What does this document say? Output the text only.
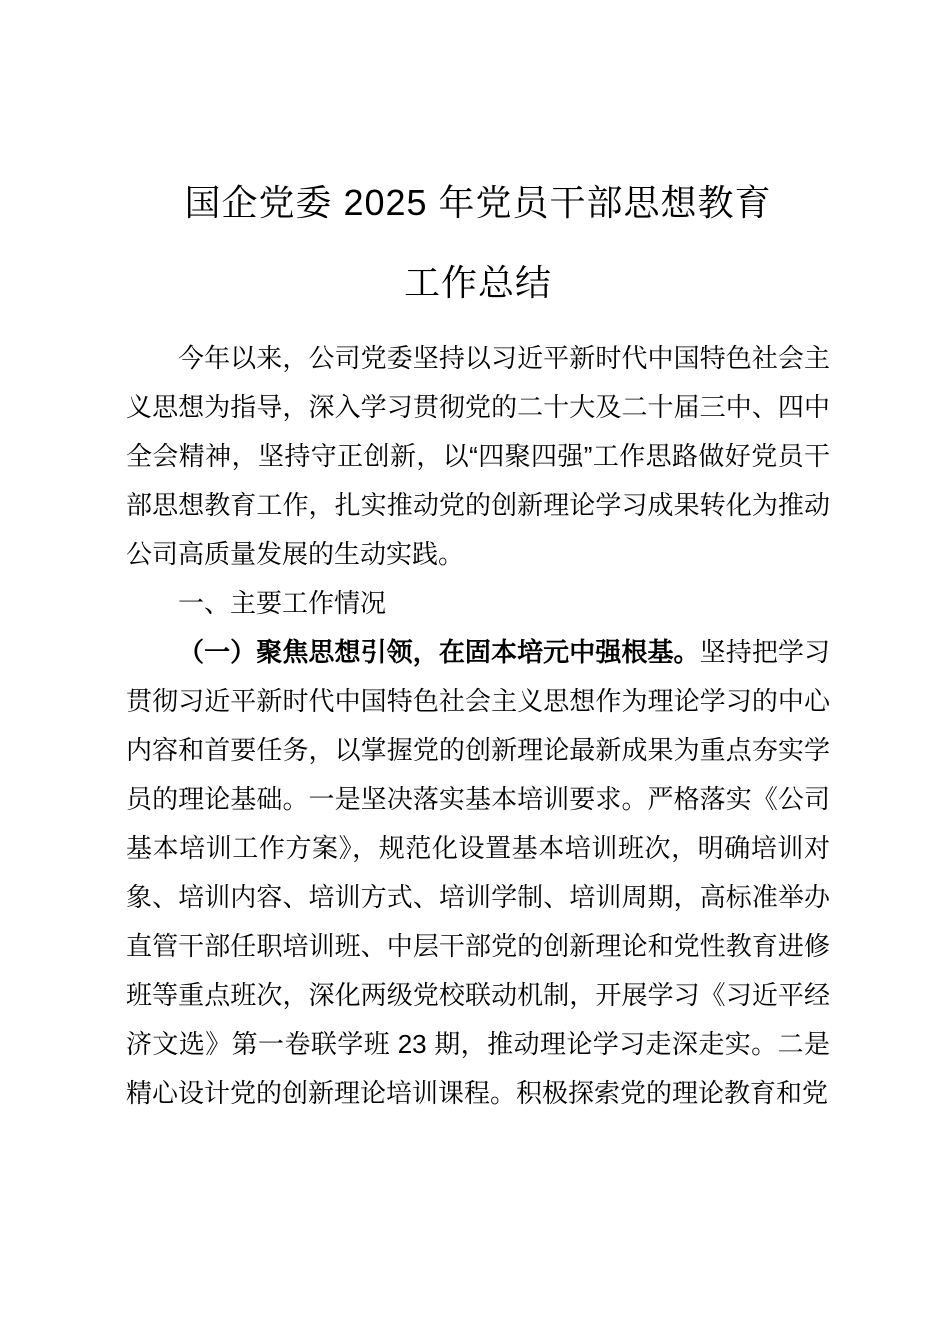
国企党委 2025 年党员干部思想教育
工作总结

今年以来，公司党委坚持以习近平新时代中国特色社会主义思想为指导，深入学习贯彻党的二十大及二十届三中、四中全会精神，坚持守正创新，以“四聚四强”工作思路做好党员干部思想教育工作，扎实推动党的创新理论学习成果转化为推动公司高质量发展的生动实践。

一、主要工作情况

（一）聚焦思想引领，在固本培元中强根基。坚持把学习贯彻习近平新时代中国特色社会主义思想作为理论学习的中心内容和首要任务，以掌握党的创新理论最新成果为重点夯实学员的理论基础。一是坚决落实基本培训要求。严格落实《公司基本培训工作方案》，规范化设置基本培训班次，明确培训对象、培训内容、培训方式、培训学制、培训周期，高标准举办直管干部任职培训班、中层干部党的创新理论和党性教育进修班等重点班次，深化两级党校联动机制，开展学习《习近平经济文选》第一卷联学班 23 期，推动理论学习走深走实。二是精心设计党的创新理论培训课程。积极探索党的理论教育和党
